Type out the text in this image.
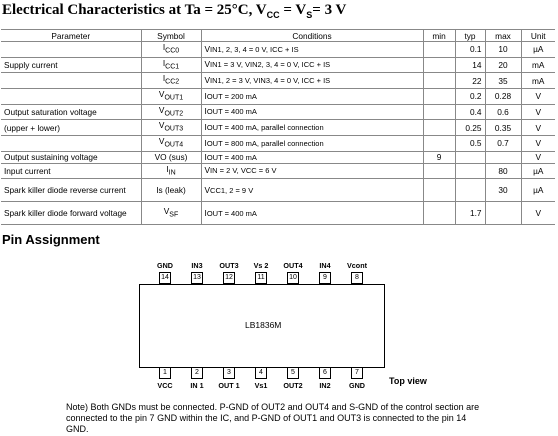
Electrical Characteristics at Ta = 25°C, $V_{CC} = V_S= 3$ V
Parameter	Symbol	Conditions	min	typ	max	Unit
	$I_{CC0}$	VIN1, 2, 3, 4 = 0 V, ICC + IS		0.1	10	µA
Supply current	$I_{CC1}$	VIN1 = 3 V, VIN2, 3, 4 = 0 V, ICC + IS		14	20	mA
	$I_{CC2}$	VIN1, 2 = 3 V, VIN3, 4 = 0 V, ICC + IS		22	35	mA
	$V_{OUT1}$	IOUT = 200 mA		0.2	0.28	V
Output saturation voltage	$V_{OUT2}$	IOUT = 400 mA		0.4	0.6	V
(upper + lower)	$V_{OUT3}$	IOUT = 400 mA, parallel connection		0.25	0.35	V
	$V_{OUT4}$	IOUT = 800 mA, parallel connection		0.5	0.7	V
Output sustaining voltage	VO (sus)	IOUT = 400 mA	9			V
Input current	$I_{IN}$	VIN = 2 V, VCC = 6 V			80	µA
Spark killer diode reverse current	Is (leak)	VCC1, 2 = 9 V			30	µA
Spark killer diode forward voltage	$V_{SF}$	IOUT = 400 mA		1.7		V
Pin Assignment
GND
14
IN3
13
OUT3
12
Vs 2
11
OUT4
10
IN4
9
Vcont
8
LB1836M
1
VCC
2
IN 1
3
OUT 1
4
Vs1
5
OUT2
6
IN2
7
GND	Top view
Note) Both GNDs must be connected. P-GND of OUT2 and OUT4 and S-GND of the control section are connected to the pin 7 GND within the IC, and P-GND of OUT1 and OUT3 is connected to the pin 14 GND.
